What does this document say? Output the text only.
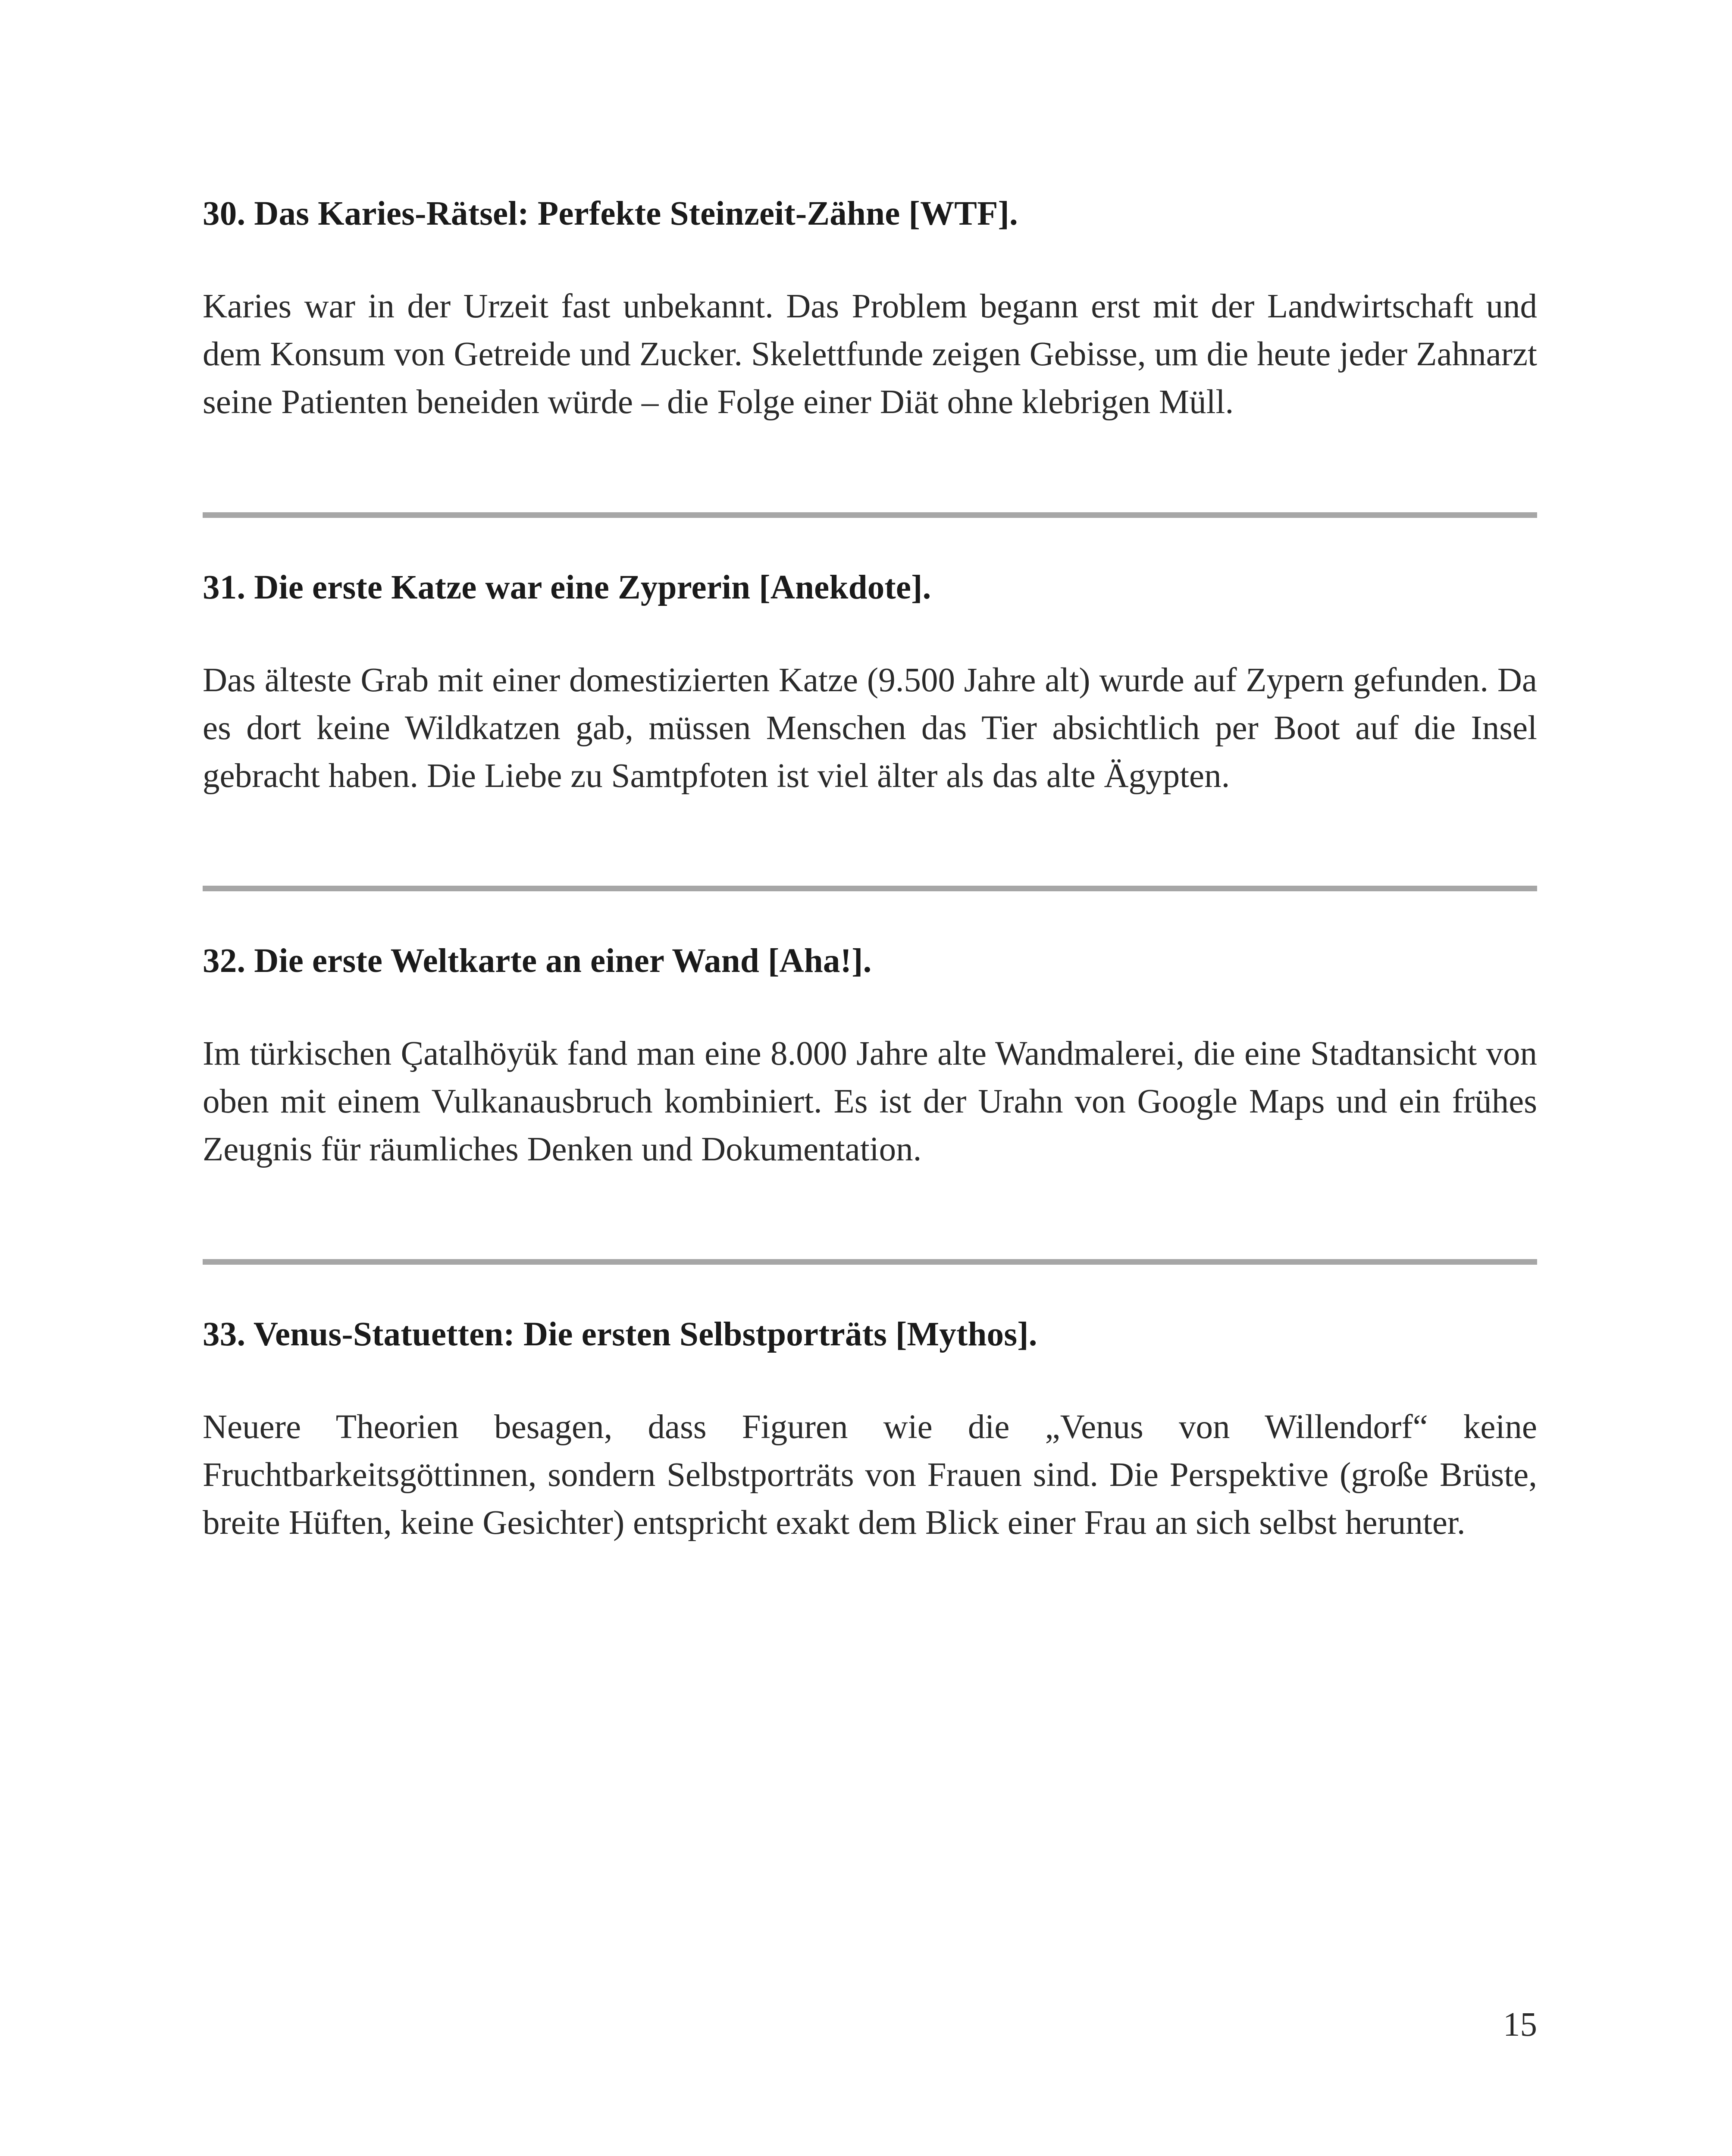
30. Das Karies-Rätsel: Perfekte Steinzeit-Zähne [WTF].

Karies war in der Urzeit fast unbekannt. Das Problem begann erst mit der Landwirtschaft und dem Konsum von Getreide und Zucker. Skelettfunde zeigen Gebisse, um die heute jeder Zahnarzt seine Patienten beneiden würde – die Folge einer Diät ohne klebrigen Müll.

31. Die erste Katze war eine Zyprerin [Anekdote].

Das älteste Grab mit einer domestizierten Katze (9.500 Jahre alt) wurde auf Zypern gefunden. Da es dort keine Wildkatzen gab, müssen Menschen das Tier absichtlich per Boot auf die Insel gebracht haben. Die Liebe zu Samtpfoten ist viel älter als das alte Ägypten.

32. Die erste Weltkarte an einer Wand [Aha!].

Im türkischen Çatalhöyük fand man eine 8.000 Jahre alte Wandmalerei, die eine Stadtansicht von oben mit einem Vulkanausbruch kombiniert. Es ist der Urahn von Google Maps und ein frühes Zeugnis für räumliches Denken und Dokumentation.

33. Venus-Statuetten: Die ersten Selbstporträts [Mythos].

Neuere Theorien besagen, dass Figuren wie die „Venus von Willendorf“ keine Fruchtbarkeitsgöttinnen, sondern Selbstporträts von Frauen sind. Die Perspektive (große Brüste, breite Hüften, keine Gesichter) entspricht exakt dem Blick einer Frau an sich selbst herunter.

15
